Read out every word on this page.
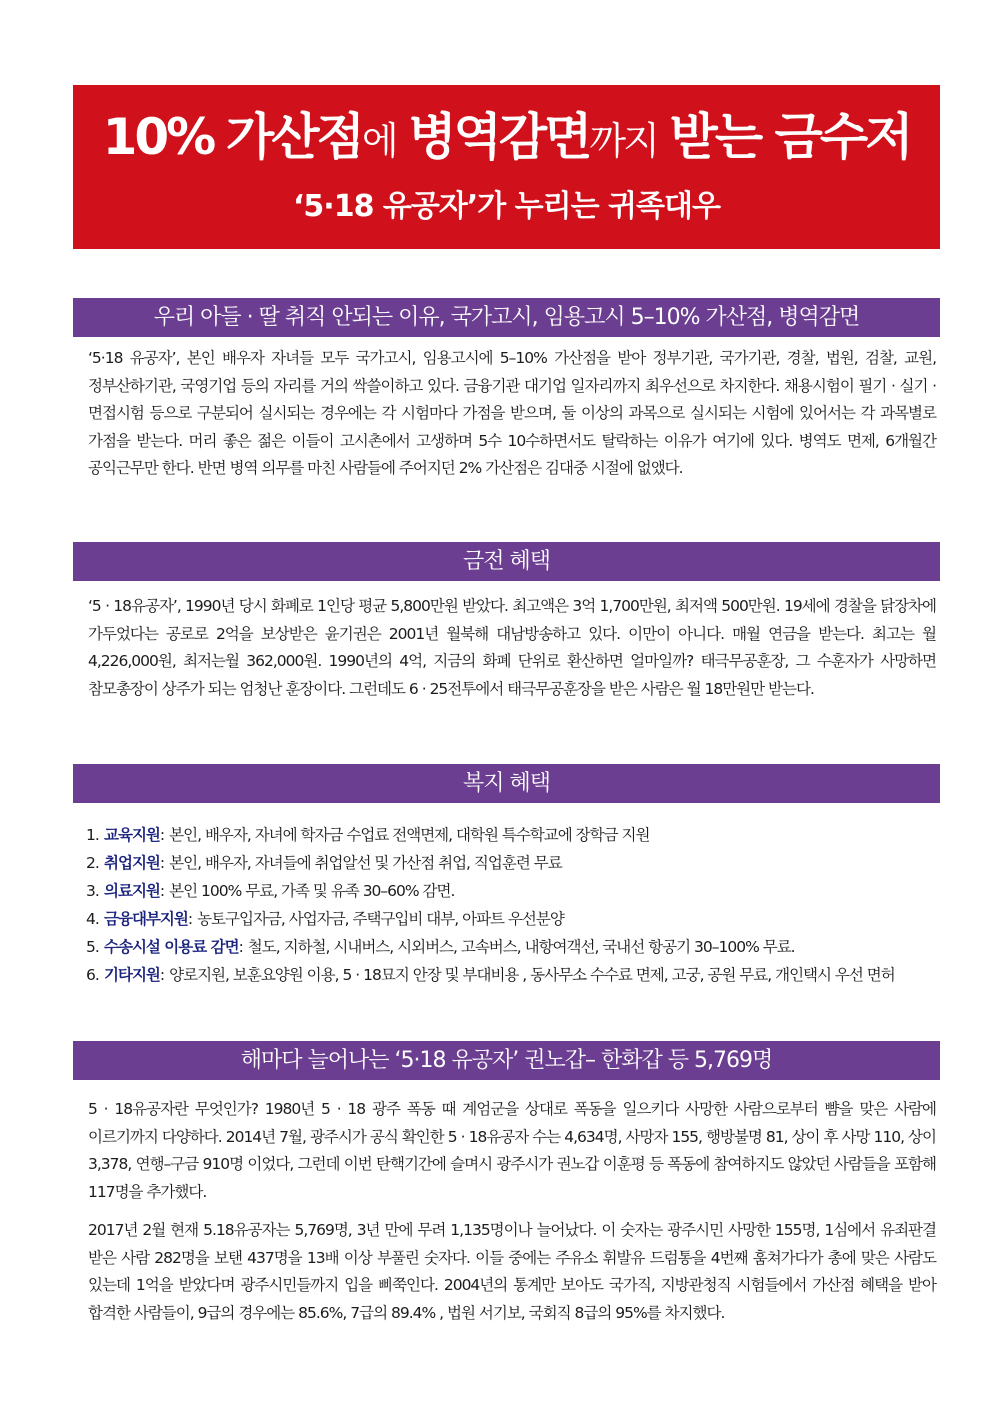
10% 가산점에 병역감면까지 받는 금수저
‘5·18 유공자’가 누리는 귀족대우
우리 아들 · 딸 취직 안되는 이유, 국가고시, 임용고시 5–10% 가산점, 병역감면

‘5·18 유공자’, 본인 배우자 자녀들 모두 국가고시, 임용고시에 5–10% 가산점을 받아 정부기관, 국가기관, 경찰, 법원, 검찰, 교원, 정부산하기관, 국영기업 등의 자리를 거의 싹쓸이하고 있다. 금융기관 대기업 일자리까지 최우선으로 차지한다. 채용시험이 필기 · 실기 · 면접시험 등으로 구분되어 실시되는 경우에는 각 시험마다 가점을 받으며, 둘 이상의 과목으로 실시되는 시험에 있어서는 각 과목별로 가점을 받는다. 머리 좋은 젊은 이들이 고시촌에서 고생하며 5수 10수하면서도 탈락하는 이유가 여기에 있다. 병역도 면제, 6개월간 공익근무만 한다. 반면 병역 의무를 마친 사람들에 주어지던 2% 가산점은 김대중 시절에 없앴다.

금전 혜택

‘5 · 18유공자’, 1990년 당시 화폐로 1인당 평균 5,800만원 받았다. 최고액은 3억 1,700만원, 최저액 500만원. 19세에 경찰을 닭장차에 가두었다는 공로로 2억을 보상받은 윤기권은 2001년 월북해 대남방송하고 있다. 이만이 아니다. 매월 연금을 받는다. 최고는 월 4,226,000원, 최저는월 362,000원. 1990년의 4억, 지금의 화폐 단위로 환산하면 얼마일까? 태극무공훈장, 그 수훈자가 사망하면 참모총장이 상주가 되는 엄청난 훈장이다. 그런데도 6 · 25전투에서 태극무공훈장을 받은 사람은 월 18만원만 받는다.

복지 혜택
1. 교육지원 : 본인, 배우자, 자녀에 학자금 수업료 전액면제, 대학원 특수학교에 장학금 지원
2. 취업지원 : 본인, 배우자, 자녀들에 취업알선 및 가산점 취업, 직업훈련 무료
3. 의료지원 : 본인 100% 무료, 가족 및 유족 30–60% 감면.
4. 금융대부지원 : 농토구입자금, 사업자금, 주택구입비 대부, 아파트 우선분양
5. 수송시설 이용료 감면 : 철도, 지하철, 시내버스, 시외버스, 고속버스, 내항여객선, 국내선 항공기 30–100% 무료.
6. 기타지원 : 양로지원, 보훈요양원 이용, 5 · 18묘지 안장 및 부대비용 , 동사무소 수수료 면제, 고궁, 공원 무료, 개인택시 우선 면허
해마다 늘어나는 ‘5·18 유공자’ 권노갑– 한화갑 등 5,769명

5 · 18유공자란 무엇인가? 1980년 5 · 18 광주 폭동 때 계엄군을 상대로 폭동을 일으키다 사망한 사람으로부터 뺨을 맞은 사람에 이르기까지 다양하다. 2014년 7월, 광주시가 공식 확인한 5 · 18유공자 수는 4,634명, 사망자 155, 행방불명 81, 상이 후 사망 110, 상이 3,378, 연행–구금 910명 이었다, 그런데 이번 탄핵기간에 슬며시 광주시가 권노갑 이훈평 등 폭동에 참여하지도 않았던 사람들을 포함해 117명을 추가했다.

2017년 2월 현재 5.18유공자는 5,769명, 3년 만에 무려 1,135명이나 늘어났다. 이 숫자는 광주시민 사망한 155명, 1심에서 유죄판결 받은 사람 282명을 보탠 437명을 13배 이상 부풀린 숫자다. 이들 중에는 주유소 휘발유 드럼통을 4번째 훔쳐가다가 총에 맞은 사람도 있는데 1억을 받았다며 광주시민들까지 입을 삐쭉인다. 2004년의 통계만 보아도 국가직, 지방관청직 시험들에서 가산점 혜택을 받아 합격한 사람들이, 9급의 경우에는 85.6%, 7급의 89.4% , 법원 서기보, 국회직 8급의 95%를 차지했다.
